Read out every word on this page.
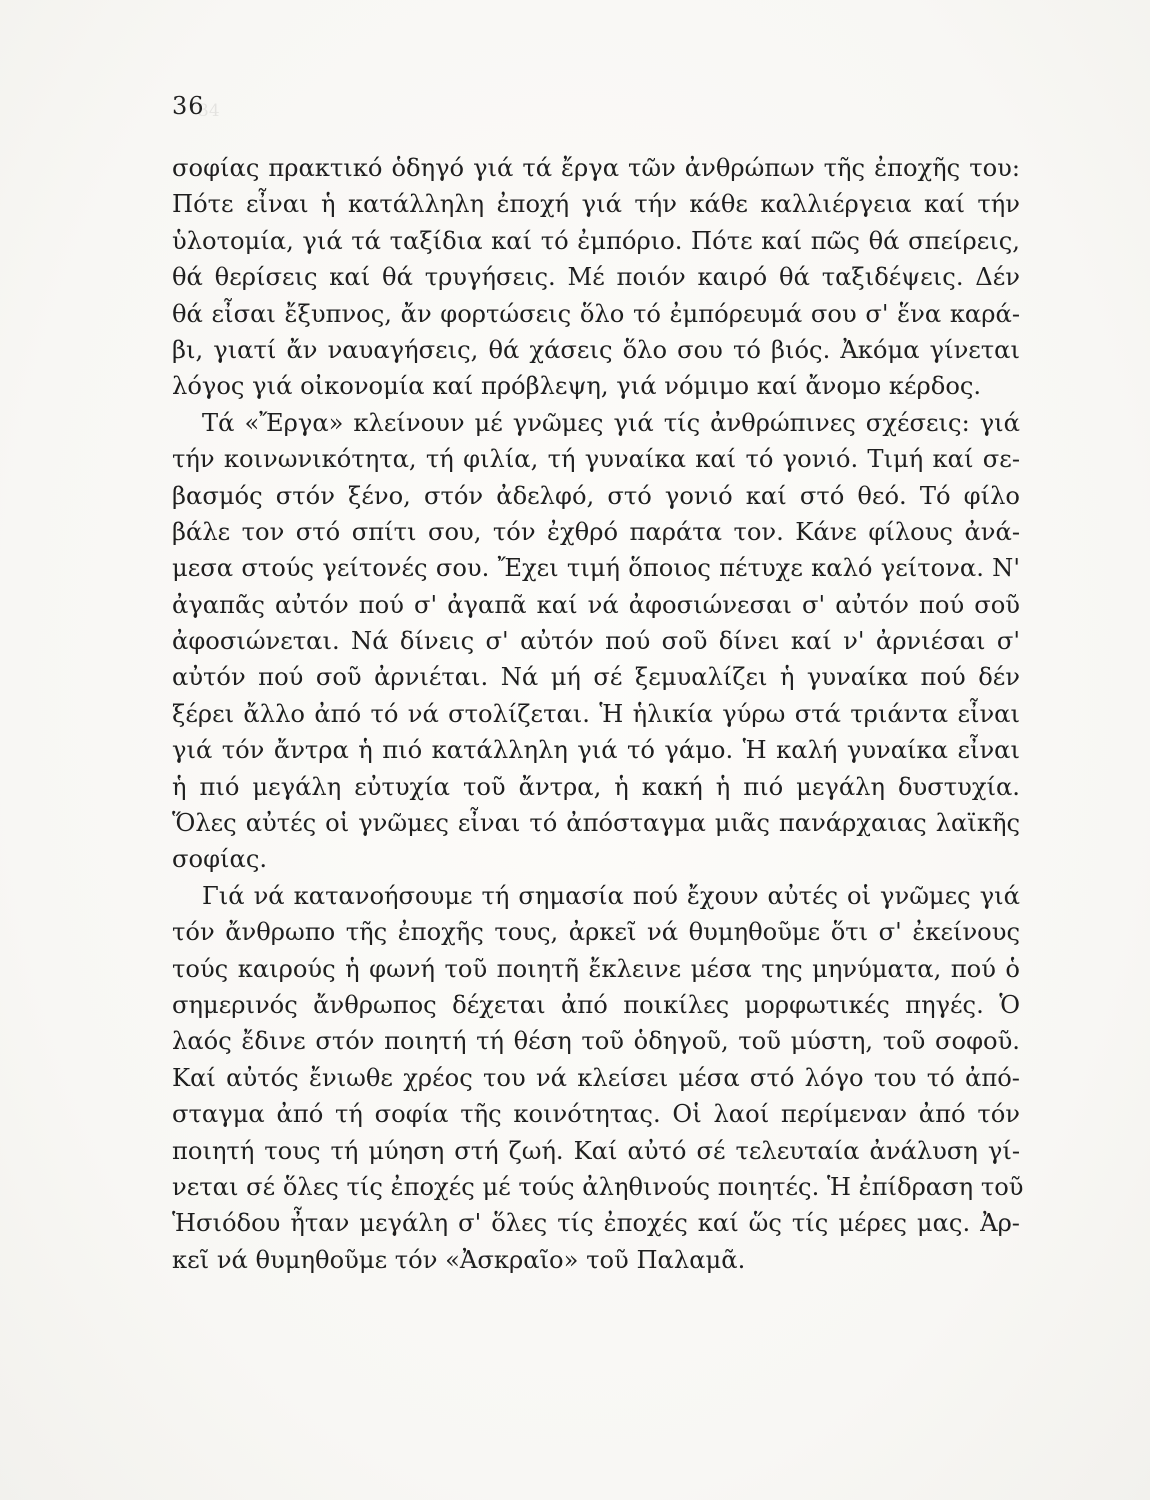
34
36
σοφίας πρακτικό ὁδηγό γιά τά ἔργα τῶν ἀνθρώπων τῆς ἐποχῆς του:
Πότε εἶναι ἡ κατάλληλη ἐποχή γιά τήν κάθε καλλιέργεια καί τήν
ὑλοτομία, γιά τά ταξίδια καί τό ἐμπόριο. Πότε καί πῶς θά σπείρεις,
θά θερίσεις καί θά τρυγήσεις. Μέ ποιόν καιρό θά ταξιδέψεις. Δέν
θά εἶσαι ἔξυπνος, ἄν φορτώσεις ὅλο τό ἐμπόρευμά σου σ' ἕνα καρά-
βι, γιατί ἄν ναυαγήσεις, θά χάσεις ὅλο σου τό βιός. Ἀκόμα γίνεται
λόγος γιά οἰκονομία καί πρόβλεψη, γιά νόμιμο καί ἄνομο κέρδος.
Τά «Ἔργα» κλείνουν μέ γνῶμες γιά τίς ἀνθρώπινες σχέσεις: γιά
τήν κοινωνικότητα, τή φιλία, τή γυναίκα καί τό γονιό. Τιμή καί σε-
βασμός στόν ξένο, στόν ἀδελφό, στό γονιό καί στό θεό. Τό φίλο
βάλε τον στό σπίτι σου, τόν ἐχθρό παράτα τον. Κάνε φίλους ἀνά-
μεσα στούς γείτονές σου. Ἔχει τιμή ὅποιος πέτυχε καλό γείτονα. Ν'
ἀγαπᾶς αὐτόν πού σ' ἀγαπᾶ καί νά ἀφοσιώνεσαι σ' αὐτόν πού σοῦ
ἀφοσιώνεται. Νά δίνεις σ' αὐτόν πού σοῦ δίνει καί ν' ἀρνιέσαι σ'
αὐτόν πού σοῦ ἀρνιέται. Νά μή σέ ξεμυαλίζει ἡ γυναίκα πού δέν
ξέρει ἄλλο ἀπό τό νά στολίζεται. Ἡ ἡλικία γύρω στά τριάντα εἶναι
γιά τόν ἄντρα ἡ πιό κατάλληλη γιά τό γάμο. Ἡ καλή γυναίκα εἶναι
ἡ πιό μεγάλη εὐτυχία τοῦ ἄντρα, ἡ κακή ἡ πιό μεγάλη δυστυχία.
Ὅλες αὐτές οἱ γνῶμες εἶναι τό ἀπόσταγμα μιᾶς πανάρχαιας λαϊκῆς
σοφίας.
Γιά νά κατανοήσουμε τή σημασία πού ἔχουν αὐτές οἱ γνῶμες γιά
τόν ἄνθρωπο τῆς ἐποχῆς τους, ἀρκεῖ νά θυμηθοῦμε ὅτι σ' ἐκείνους
τούς καιρούς ἡ φωνή τοῦ ποιητῆ ἔκλεινε μέσα της μηνύματα, πού ὁ
σημερινός ἄνθρωπος δέχεται ἀπό ποικίλες μορφωτικές πηγές. Ὁ
λαός ἔδινε στόν ποιητή τή θέση τοῦ ὁδηγοῦ, τοῦ μύστη, τοῦ σοφοῦ.
Καί αὐτός ἔνιωθε χρέος του νά κλείσει μέσα στό λόγο του τό ἀπό-
σταγμα ἀπό τή σοφία τῆς κοινότητας. Οἱ λαοί περίμεναν ἀπό τόν
ποιητή τους τή μύηση στή ζωή. Καί αὐτό σέ τελευταία ἀνάλυση γί-
νεται σέ ὅλες τίς ἐποχές μέ τούς ἀληθινούς ποιητές. Ἡ ἐπίδραση τοῦ
Ἡσιόδου ἦταν μεγάλη σ' ὅλες τίς ἐποχές καί ὥς τίς μέρες μας. Ἀρ-
κεῖ νά θυμηθοῦμε τόν «Ἀσκραῖο» τοῦ Παλαμᾶ.
